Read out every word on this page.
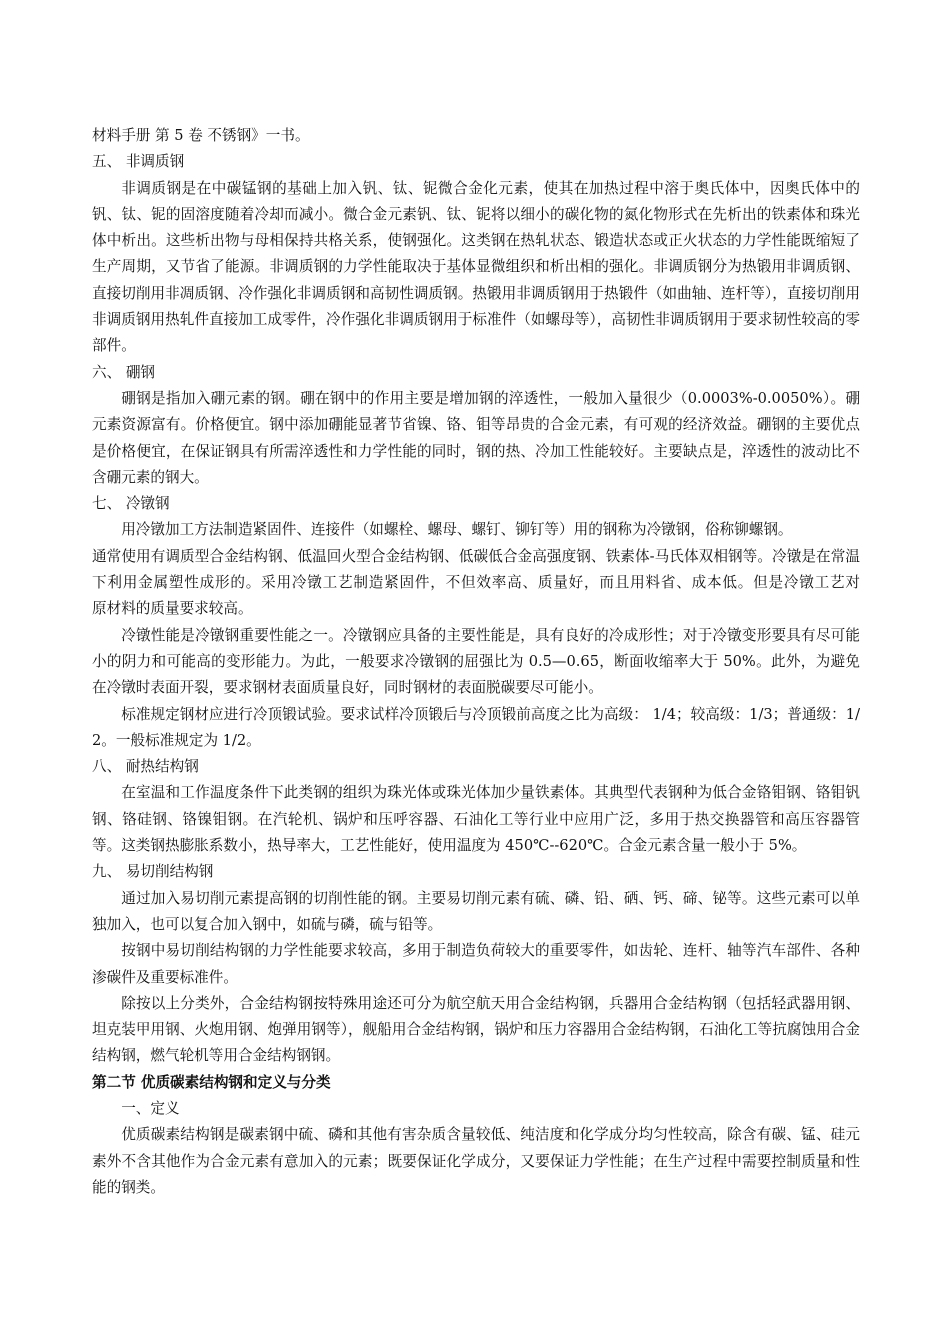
材料手册 第 5 卷 不锈钢》一书。

五、 非调质钢

非调质钢是在中碳锰钢的基础上加入钒、钛、铌微合金化元素，使其在加热过程中溶于奥氏体中，因奥氏体中的钒、钛、铌的固溶度随着冷却而减小。微合金元素钒、钛、铌将以细小的碳化物的氮化物形式在先析出的铁素体和珠光体中析出。这些析出物与母相保持共格关系，使钢强化。这类钢在热轧状态、锻造状态或正火状态的力学性能既缩短了生产周期，又节省了能源。非调质钢的力学性能取决于基体显微组织和析出相的强化。非调质钢分为热锻用非调质钢、直接切削用非凋质钢、冷作强化非调质钢和高韧性调质钢。热锻用非调质钢用于热锻件（如曲轴、连杆等），直接切削用非调质钢用热轧件直接加工成零件，冷作强化非调质钢用于标准件（如螺母等），高韧性非调质钢用于要求韧性较高的零部件。

六、 硼钢

硼钢是指加入硼元素的钢。硼在钢中的作用主要是增加钢的淬透性，一般加入量很少（0.0003%-0.0050%）。硼元素资源富有。价格便宜。钢中添加硼能显著节省镍、铬、钼等昂贵的合金元素，有可观的经济效益。硼钢的主要优点是价格便宜，在保证钢具有所需淬透性和力学性能的同时，钢的热、冷加工性能较好。主要缺点是，淬透性的波动比不含硼元素的钢大。

七、 冷镦钢

用冷镦加工方法制造紧固件、连接件（如螺栓、螺母、螺钉、铆钉等）用的钢称为冷镦钢，俗称铆螺钢。

通常使用有调质型合金结构钢、低温回火型合金结构钢、低碳低合金高强度钢、铁素体-马氏体双相钢等。冷镦是在常温下利用金属塑性成形的。采用冷镦工艺制造紧固件，不但效率高、质量好，而且用料省、成本低。但是冷镦工艺对　　原材料的质量要求较高。

冷镦性能是冷镦钢重要性能之一。冷镦钢应具备的主要性能是，具有良好的冷成形性；对于冷镦变形要具有尽可能小的阴力和可能高的变形能力。为此，一般要求冷镦钢的屈强比为 0.5—0.65，断面收缩率大于 50%。此外，为避免在冷镦时表面开裂，要求钢材表面质量良好，同时钢材的表面脱碳要尽可能小。

标准规定钢材应进行冷顶锻试验。要求试样冷顶锻后与冷顶锻前高度之比为高级： 1/4；较高级：1/3；普通级：1/2。一般标准规定为 1/2。

八、 耐热结构钢

在室温和工作温度条件下此类钢的组织为珠光体或珠光体加少量铁素体。其典型代表钢种为低合金铬钼钢、铬钼钒钢、铬硅钢、铬镍钼钢。在汽轮机、锅炉和压呼容器、石油化工等行业中应用广泛，多用于热交换器管和高压容器管等。这类钢热膨胀系数小，热导率大，工艺性能好，使用温度为 450℃--620℃。合金元素含量一般小于 5%。

九、 易切削结构钢

通过加入易切削元素提高钢的切削性能的钢。主要易切削元素有硫、磷、铅、硒、钙、碲、铋等。这些元素可以单独加入，也可以复合加入钢中，如硫与磷，硫与铅等。

按钢中易切削结构钢的力学性能要求较高，多用于制造负荷较大的重要零件，如齿轮、连杆、轴等汽车部件、各种渗碳件及重要标准件。

除按以上分类外，合金结构钢按特殊用途还可分为航空航天用合金结构钢，兵器用合金结构钢（包括轻武器用钢、坦克装甲用钢、火炮用钢、炮弹用钢等），舰船用合金结构钢，锅炉和压力容器用合金结构钢，石油化工等抗腐蚀用合金结构钢，燃气轮机等用合金结构钢钢。

第二节 优质碳素结构钢和定义与分类

一、定义

优质碳素结构钢是碳素钢中硫、磷和其他有害杂质含量较低、纯洁度和化学成分均匀性较高，除含有碳、锰、硅元素外不含其他作为合金元素有意加入的元素；既要保证化学成分，又要保证力学性能；在生产过程中需要控制质量和性能的钢类。
